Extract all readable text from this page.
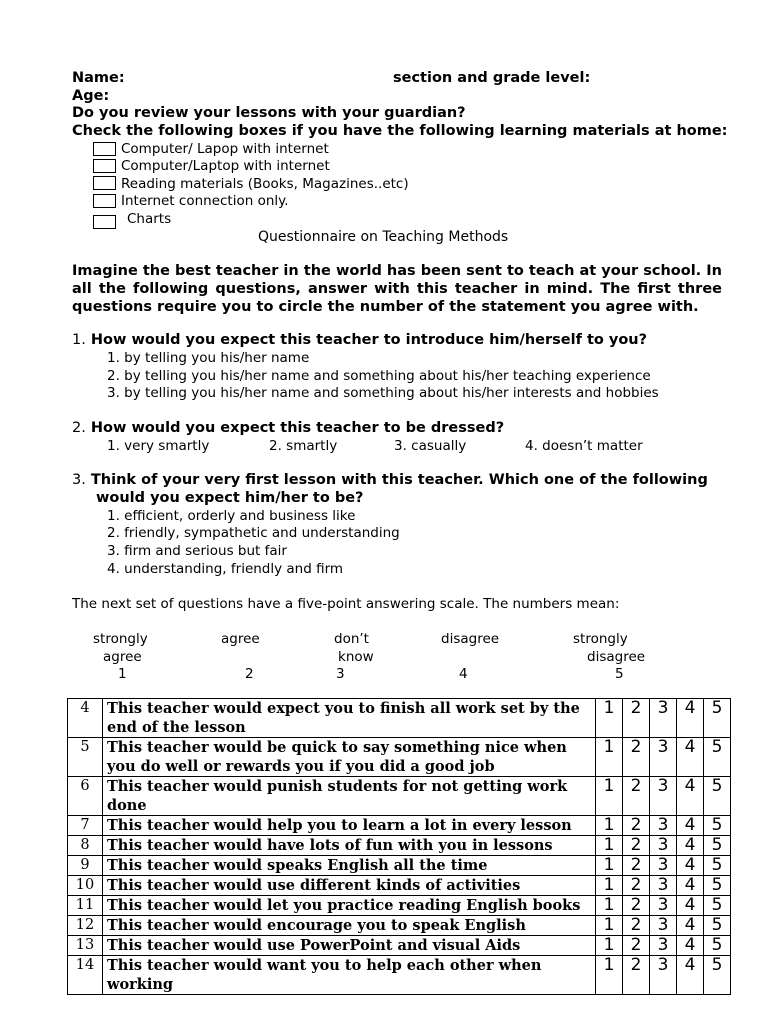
Name:	section and grade level:
Age:
Do you review your lessons with your guardian?
Check the following boxes if you have the following learning materials at home:
Computer/ Lapop with internet
Computer/Laptop with internet
Reading materials (Books, Magazines..etc)
Internet connection only.
Charts
Questionnaire on Teaching Methods
Imagine the best teacher in the world has been sent to teach at your school. In all the following questions, answer with this teacher in mind. The first three questions require you to circle the number of the statement you agree with.
1. How would you expect this teacher to introduce him/herself to you?
1. by telling you his/her name
2. by telling you his/her name and something about his/her teaching experience
3. by telling you his/her name and something about his/her interests and hobbies
2. How would you expect this teacher to be dressed?
1. very smartly	2. smartly	3. casually	4. doesn’t matter
3. Think of your very first lesson with this teacher. Which one of the following
would you expect him/her to be?
1. efficient, orderly and business like
2. friendly, sympathetic and understanding
3. firm and serious but fair
4. understanding, friendly and firm
The next set of questions have a five-point answering scale. The numbers mean:
strongly
agree
1
agree
2
don’t
know
3
disagree
4
strongly
disagree
5
4	This teacher would expect you to finish all work set by the end of the lesson	1	2	3	4	5
5	This teacher would be quick to say something nice when you do well or rewards you if you did a good job	1	2	3	4	5
6	This teacher would punish students for not getting work done	1	2	3	4	5
7	This teacher would help you to learn a lot in every lesson	1	2	3	4	5
8	This teacher would have lots of fun with you in lessons	1	2	3	4	5
9	This teacher would speaks English all the time	1	2	3	4	5
10	This teacher would use different kinds of activities	1	2	3	4	5
11	This teacher would let you practice reading English books	1	2	3	4	5
12	This teacher would encourage you to speak English	1	2	3	4	5
13	This teacher would use PowerPoint and visual Aids	1	2	3	4	5
14	This teacher would want you to help each other when working	1	2	3	4	5
